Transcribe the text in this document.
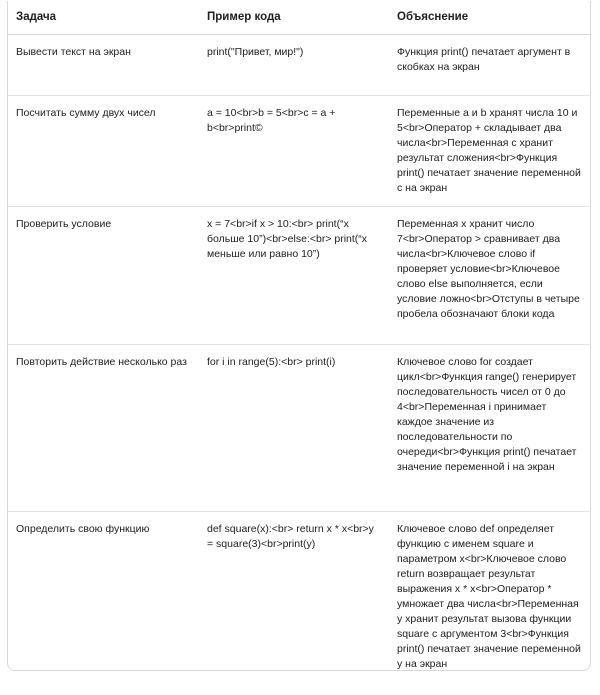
Задача	Пример кода	Объяснение
Вывести текст на экран	print("Привет, мир!")	Функция print() печатает аргумент в скобках на экран
Посчитать сумму двух чисел	a = 10<br>b = 5<br>c = a + b<br>print©	Переменные a и b хранят числа 10 и 5<br>Оператор + складывает два числа<br>Переменная c хранит результат сложения<br>Функция print() печатает значение переменной c на экран
Проверить условие	x = 7<br>if x > 10:<br> print(“x больше 10”)<br>else:<br> print(“x меньше или равно 10”)	Переменная x хранит число 7<br>Оператор > сравнивает два числа<br>Ключевое слово if проверяет условие<br>Ключевое слово else выполняется, если условие ложно<br>Отступы в четыре пробела обозначают блоки кода
Повторить действие несколько раз	for i in range(5):<br> print(i)	Ключевое слово for создает цикл<br>Функция range() генерирует последовательность чисел от 0 до 4<br>Переменная i принимает каждое значение из последовательности по очереди<br>Функция print() печатает значение переменной i на экран
Определить свою функцию	def square(x):<br> return x * x<br>y = square(3)<br>print(y)	Ключевое слово def определяет функцию с именем square и параметром x<br>Ключевое слово return возвращает результат выражения x * x<br>Оператор * умножает два числа<br>Переменная y хранит результат вызова функции square с аргументом 3<br>Функция print() печатает значение переменной y на экран
